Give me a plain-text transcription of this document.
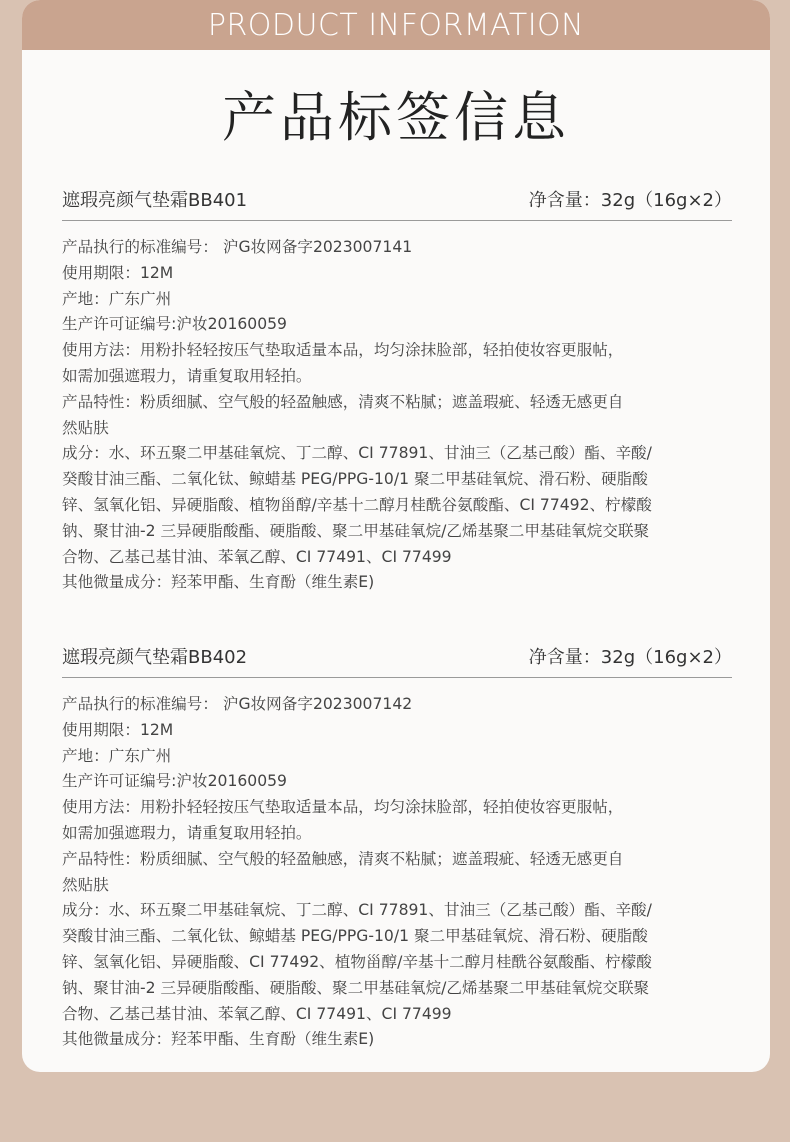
PRODUCT INFORMATION
产品标签信息
遮瑕亮颜气垫霜BB401	净含量：32g（16g×2）

产品执行的标准编号： 沪G妆网备字2023007141

使用期限：12M

产地：广东广州

生产许可证编号:沪妆20160059

使用方法：用粉扑轻轻按压气垫取适量本品，均匀涂抹脸部，轻拍使妆容更服帖，

如需加强遮瑕力，请重复取用轻拍。

产品特性：粉质细腻、空气般的轻盈触感，清爽不粘腻；遮盖瑕疵、轻透无感更自

然贴肤

成分：水、环五聚二甲基硅氧烷、丁二醇、CI 77891、甘油三（乙基己酸）酯、辛酸/

癸酸甘油三酯、二氧化钛、鲸蜡基 PEG/PPG-10/1 聚二甲基硅氧烷、滑石粉、硬脂酸

锌、氢氧化铝、异硬脂酸、植物甾醇/辛基十二醇月桂酰谷氨酸酯、CI 77492、柠檬酸

钠、聚甘油-2 三异硬脂酸酯、硬脂酸、聚二甲基硅氧烷/乙烯基聚二甲基硅氧烷交联聚

合物、乙基己基甘油、苯氧乙醇、CI 77491、CI 77499

其他微量成分：羟苯甲酯、生育酚（维生素E)

遮瑕亮颜气垫霜BB402	净含量：32g（16g×2）

产品执行的标准编号： 沪G妆网备字2023007142

使用期限：12M

产地：广东广州

生产许可证编号:沪妆20160059

使用方法：用粉扑轻轻按压气垫取适量本品，均匀涂抹脸部，轻拍使妆容更服帖，

如需加强遮瑕力，请重复取用轻拍。

产品特性：粉质细腻、空气般的轻盈触感，清爽不粘腻；遮盖瑕疵、轻透无感更自

然贴肤

成分：水、环五聚二甲基硅氧烷、丁二醇、CI 77891、甘油三（乙基己酸）酯、辛酸/

癸酸甘油三酯、二氧化钛、鲸蜡基 PEG/PPG-10/1 聚二甲基硅氧烷、滑石粉、硬脂酸

锌、氢氧化铝、异硬脂酸、CI 77492、植物甾醇/辛基十二醇月桂酰谷氨酸酯、柠檬酸

钠、聚甘油-2 三异硬脂酸酯、硬脂酸、聚二甲基硅氧烷/乙烯基聚二甲基硅氧烷交联聚

合物、乙基己基甘油、苯氧乙醇、CI 77491、CI 77499

其他微量成分：羟苯甲酯、生育酚（维生素E)
